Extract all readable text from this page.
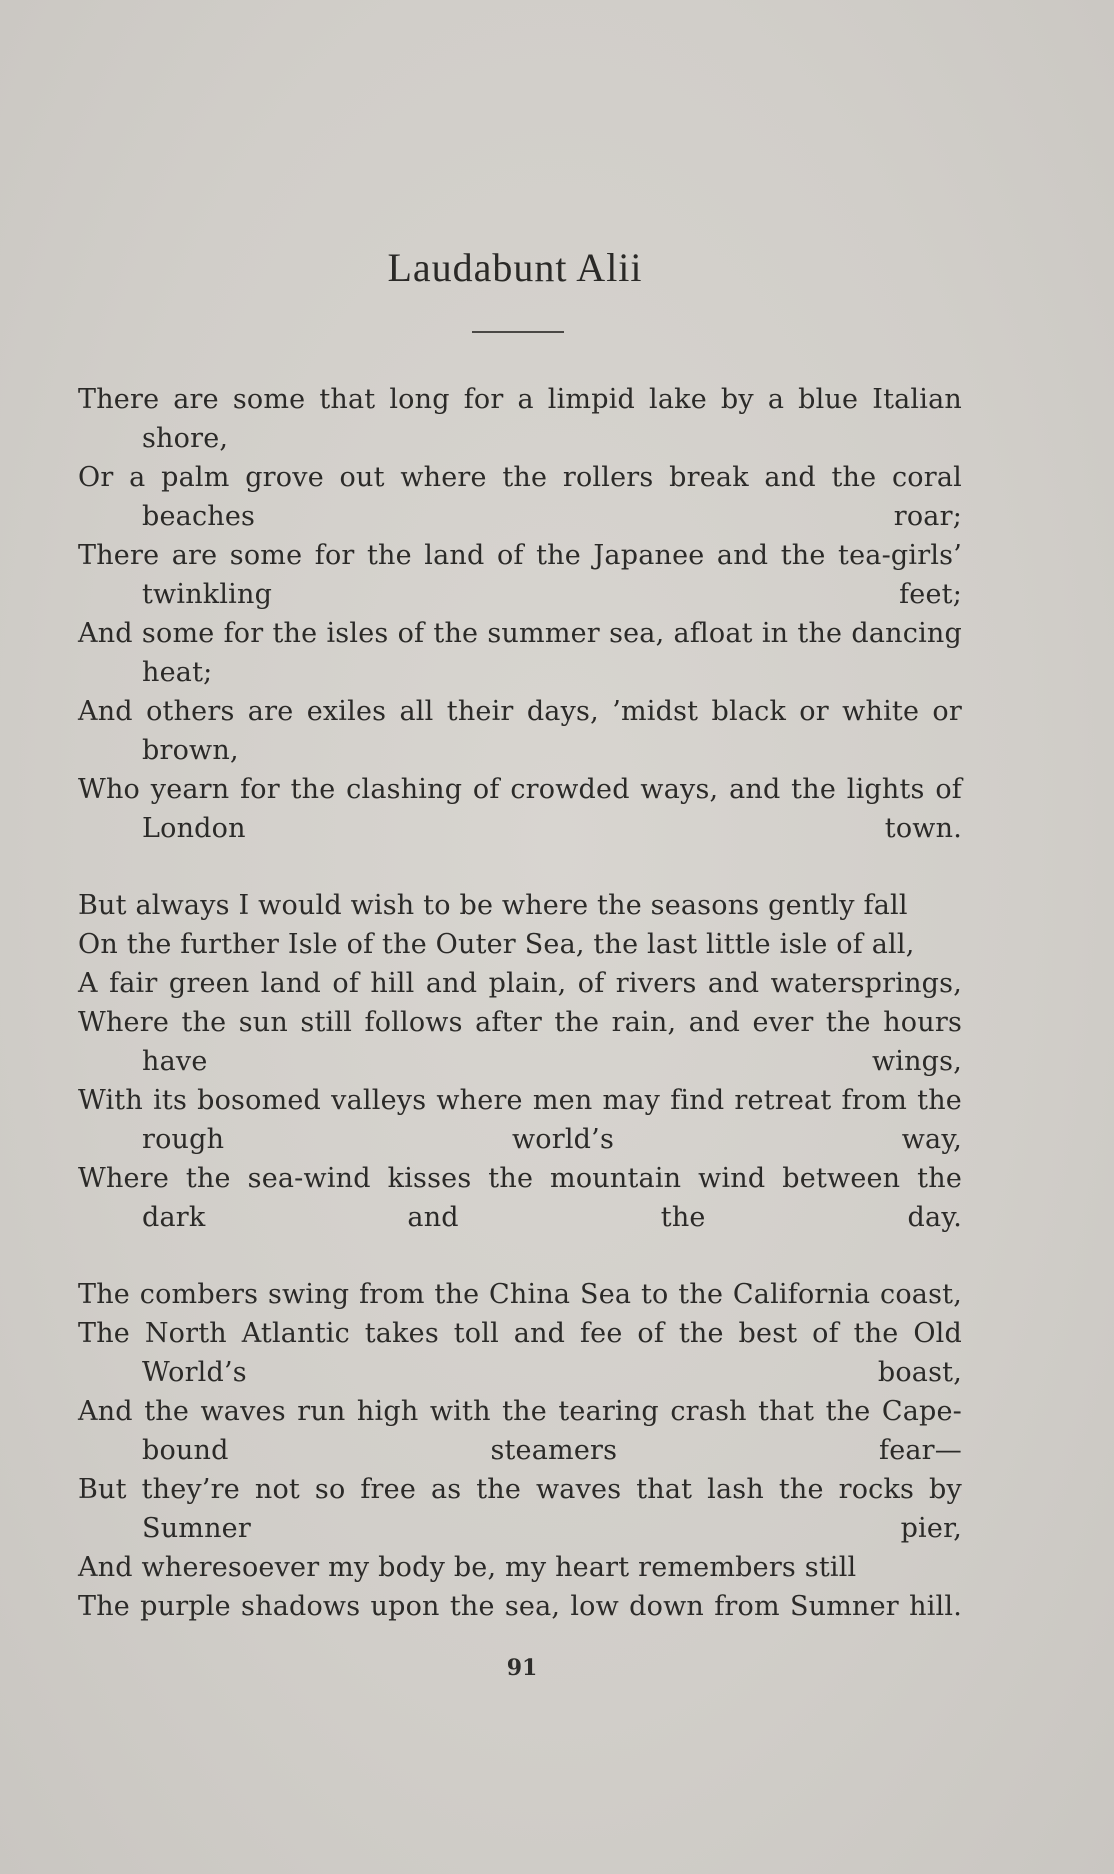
Laudabunt Alii
There are some that long for a limpid lake by a blue Italian shore,
Or a palm grove out where the rollers break and the coral beaches roar;
There are some for the land of the Japanee and the tea-girls’ twinkling feet;
And some for the isles of the summer sea, afloat in the dancing heat;
And others are exiles all their days, ’midst black or white or brown,
Who yearn for the clashing of crowded ways, and the lights of London town.
But always I would wish to be where the seasons gently fall
On the further Isle of the Outer Sea, the last little isle of all,
A fair green land of hill and plain, of rivers and watersprings,
Where the sun still follows after the rain, and ever the hours have wings,
With its bosomed valleys where men may find retreat from the rough world’s way,
Where the sea-wind kisses the mountain wind between the dark and the day.
The combers swing from the China Sea to the California coast,
The North Atlantic takes toll and fee of the best of the Old World’s boast,
And the waves run high with the tearing crash that the Cape-bound steamers fear—
But they’re not so free as the waves that lash the rocks by Sumner pier,
And wheresoever my body be, my heart remembers still
The purple shadows upon the sea, low down from Sumner hill.
91
